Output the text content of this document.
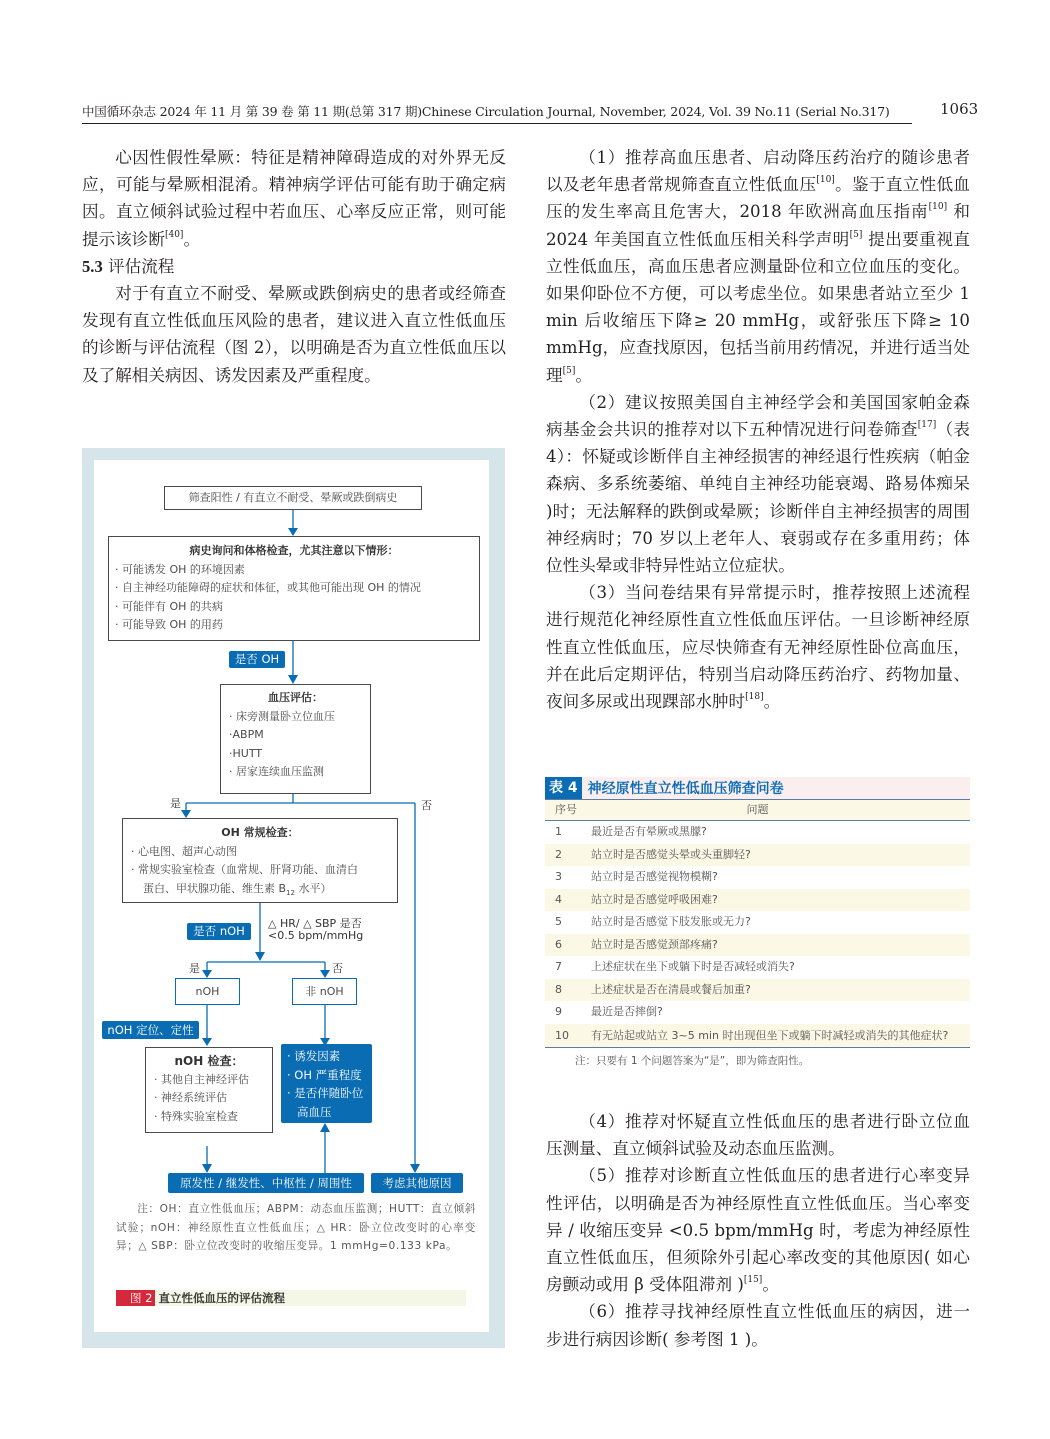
中国循环杂志 2024 年 11 月 第 39 卷 第 11 期(总第 317 期)Chinese Circulation Journal, November, 2024, Vol. 39 No.11 (Serial No.317)	1063

心因性假性晕厥：特征是精神障碍造成的对外界无反应，可能与晕厥相混淆。精神病学评估可能有助于确定病因。直立倾斜试验过程中若血压、心率反应正常，则可能提示该诊断[40]。

5.3 评估流程

对于有直立不耐受、晕厥或跌倒病史的患者或经筛查发现有直立性低血压风险的患者，建议进入直立性低血压的诊断与评估流程（图 2），以明确是否为直立性低血压以及了解相关病因、诱发因素及严重程度。

筛查阳性 / 有直立不耐受、晕厥或跌倒病史
病史询问和体格检查，尤其注意以下情形：
· 可能诱发 OH 的环境因素
· 自主神经功能障碍的症状和体征，或其他可能出现 OH 的情况
· 可能伴有 OH 的共病
· 可能导致 OH 的用药
是否 OH
血压评估：
· 床旁测量卧立位血压
·ABPM
·HUTT
· 居家连续血压监测
是	否
OH 常规检查：
· 心电图、超声心动图
· 常规实验室检查（血常规、肝肾功能、血清白
蛋白、甲状腺功能、维生素 $B_{12}$ 水平）
是否 nOH
△ HR/ △ SBP 是否
<0.5 bpm/mmHg
是	否
nOH	非 nOH
nOH 定位、定性
nOH 检查：
· 其他自主神经评估
· 神经系统评估
· 特殊实验室检查
· 诱发因素
· OH 严重程度
· 是否伴随卧位
高血压
原发性 / 继发性、中枢性 / 周围性	考虑其他原因
注：OH：直立性低血压；ABPM：动态血压监测；HUTT：直立倾斜试验；nOH：神经原性直立性低血压；△ HR：卧立位改变时的心率变异；△ SBP：卧立位改变时的收缩压变异。1 mmHg=0.133 kPa。
图 2 直立性低血压的评估流程

（1）推荐高血压患者、启动降压药治疗的随诊患者以及老年患者常规筛查直立性低血压[10]。鉴于直立性低血压的发生率高且危害大，2018 年欧洲高血压指南[10] 和 2024 年美国直立性低血压相关科学声明[5] 提出要重视直立性低血压，高血压患者应测量卧位和立位血压的变化。如果仰卧位不方便，可以考虑坐位。如果患者站立至少 1 min 后收缩压下降≥ 20 mmHg，或舒张压下降≥ 10 mmHg，应查找原因，包括当前用药情况，并进行适当处理[5]。

（2）建议按照美国自主神经学会和美国国家帕金森病基金会共识的推荐对以下五种情况进行问卷筛查[17]（表 4）：怀疑或诊断伴自主神经损害的神经退行性疾病（帕金森病、多系统萎缩、单纯自主神经功能衰竭、路易体痴呆 )时；无法解释的跌倒或晕厥；诊断伴自主神经损害的周围神经病时；70 岁以上老年人、衰弱或存在多重用药；体位性头晕或非特异性站立位症状。

（3）当问卷结果有异常提示时，推荐按照上述流程进行规范化神经原性直立性低血压评估。一旦诊断神经原性直立性低血压，应尽快筛查有无神经原性卧位高血压，并在此后定期评估，特别当启动降压药治疗、药物加量、夜间多尿或出现踝部水肿时[18]。

表 4 神经原性直立性低血压筛查问卷
序号	问题
1	最近是否有晕厥或黑朦?
2	站立时是否感觉头晕或头重脚轻?
3	站立时是否感觉视物模糊?
4	站立时是否感觉呼吸困难?
5	站立时是否感觉下肢发胀或无力?
6	站立时是否感觉颈部疼痛?
7	上述症状在坐下或躺下时是否减轻或消失?
8	上述症状是否在清晨或餐后加重?
9	最近是否摔倒?
10	有无站起或站立 3~5 min 时出现但坐下或躺下时减轻或消失的其他症状?
注：只要有 1 个问题答案为“是”，即为筛查阳性。

（4）推荐对怀疑直立性低血压的患者进行卧立位血压测量、直立倾斜试验及动态血压监测。

（5）推荐对诊断直立性低血压的患者进行心率变异性评估，以明确是否为神经原性直立性低血压。当心率变异 / 收缩压变异 <0.5 bpm/mmHg 时，考虑为神经原性直立性低血压，但须除外引起心率改变的其他原因( 如心房颤动或用 β 受体阻滞剂 )[15]。

（6）推荐寻找神经原性直立性低血压的病因，进一步进行病因诊断( 参考图 1 )。
